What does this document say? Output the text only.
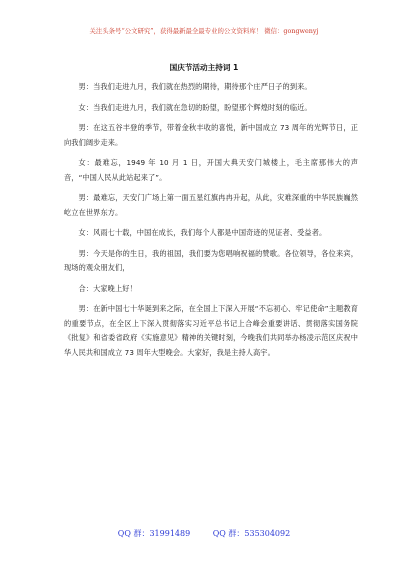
关注头条号“公文研究”，获得最新最全最专业的公文资料库！ 微信：gongwenyj
国庆节活动主持词 1

男：当我们走进九月，我们就在热烈的期待，期待那个庄严日子的到来。

女：当我们走进九月，我们就在急切的盼望，盼望那个辉煌时刻的临近。

男：在这五谷丰登的季节，带着金秋丰收的喜悦，新中国成立 73 周年的光辉节日，正向我们阔步走来。

女：最难忘，1949 年 10 月 1 日，开国大典天安门城楼上，毛主席那伟大的声音，“中国人民从此站起来了”。

男：最难忘，天安门广场上第一面五星红旗冉冉升起，从此，灾难深重的中华民族巍然屹立在世界东方。

女：风雨七十载，中国在成长，我们每个人都是中国奇迹的见证者、受益者。

男：今天是你的生日，我的祖国，我们要为您唱响祝福的赞歌。各位领导，各位来宾，现场的观众朋友们，

合：大家晚上好！

男：在新中国七十华诞到来之际，在全国上下深入开展“不忘初心、牢记使命”主题教育的重要节点，在全区上下深入贯彻落实习近平总书记上合峰会重要讲话、贯彻落实国务院《批复》和省委省政府《实施意见》精神的关键时刻，今晚我们共同举办杨凌示范区庆祝中华人民共和国成立 73 周年大型晚会。大家好，我是主持人高宇。

QQ 群：31991489	QQ 群：535304092
